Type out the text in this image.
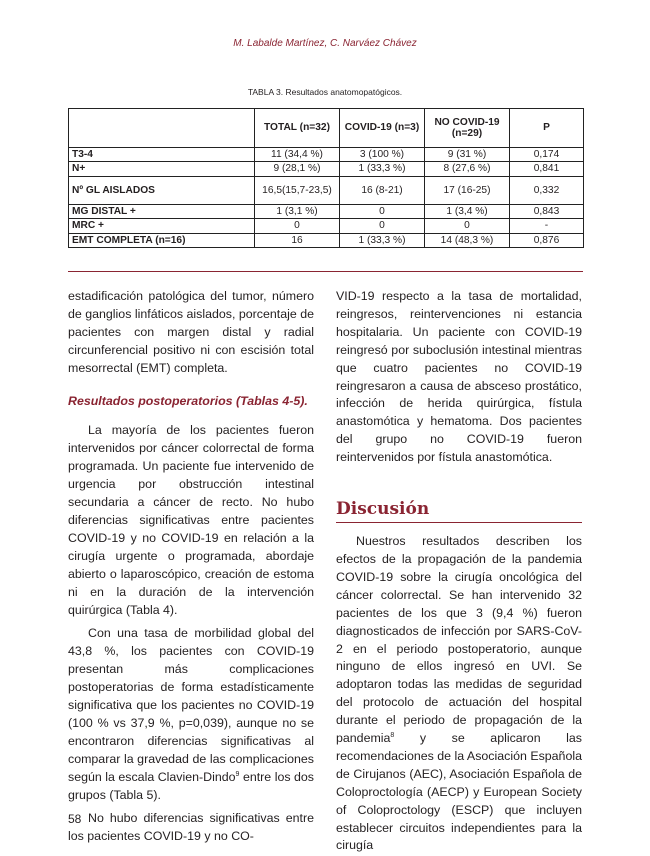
M. Labalde Martínez, C. Narváez Chávez
TABLA 3. Resultados anatomopatógicos.
	TOTAL (n=32)	COVID-19 (n=3)	NO COVID-19 (n=29)	P
T3-4	11 (34,4 %)	3 (100 %)	9 (31 %)	0,174
N+	9 (28,1 %)	1 (33,3 %)	8 (27,6 %)	0,841
Nº GL AISLADOS	16,5(15,7-23,5)	16 (8-21)	17 (16-25)	0,332
MG DISTAL +	1 (3,1 %)	0	1 (3,4 %)	0,843
MRC +	0	0	0	-
EMT COMPLETA (n=16)	16	1 (33,3 %)	14 (48,3 %)	0,876

estadificación patológica del tumor, número de ganglios linfáticos aislados, porcentaje de pacientes con margen distal y radial circunferencial positivo ni con escisión total mesorrectal (EMT) completa.

Resultados postoperatorios (Tablas 4-5).

La mayoría de los pacientes fueron intervenidos por cáncer colorrectal de forma programada. Un paciente fue intervenido de urgencia por obstrucción intestinal secundaria a cáncer de recto. No hubo diferencias significativas entre pacientes COVID-19 y no COVID-19 en relación a la cirugía urgente o programada, abordaje abierto o laparoscópico, creación de estoma ni en la duración de la intervención quirúrgica (Tabla 4).

Con una tasa de morbilidad global del 43,8 %, los pacientes con COVID-19 presentan más complicaciones postoperatorias de forma estadísticamente significativa que los pacientes no COVID-19 (100 % vs 37,9 %, p=0,039), aunque no se encontraron diferencias significativas al comparar la gravedad de las complicaciones según la escala Clavien-Dindo$^9$ entre los dos grupos (Tabla 5).

No hubo diferencias significativas entre los pacientes COVID-19 y no CO-

VID-19 respecto a la tasa de mortalidad, reingresos, reintervenciones ni estancia hospitalaria. Un paciente con COVID-19 reingresó por suboclusión intestinal mientras que cuatro pacientes no COVID-19 reingresaron a causa de absceso prostático, infección de herida quirúrgica, fístula anastomótica y hematoma. Dos pacientes del grupo no COVID-19 fueron reintervenidos por fístula anastomótica.

Discusión

Nuestros resultados describen los efectos de la propagación de la pandemia COVID-19 sobre la cirugía oncológica del cáncer colorrectal. Se han intervenido 32 pacientes de los que 3 (9,4 %) fueron diagnosticados de infección por SARS-CoV-2 en el periodo postoperatorio, aunque ninguno de ellos ingresó en UVI. Se adoptaron todas las medidas de seguridad del protocolo de actuación del hospital durante el periodo de propagación de la pandemia$^8$ y se aplicaron las recomendaciones de la Asociación Española de Cirujanos (AEC), Asociación Española de Coloproctología (AECP) y European Society of Coloproctology (ESCP) que incluyen establecer circuitos independientes para la cirugía

58
